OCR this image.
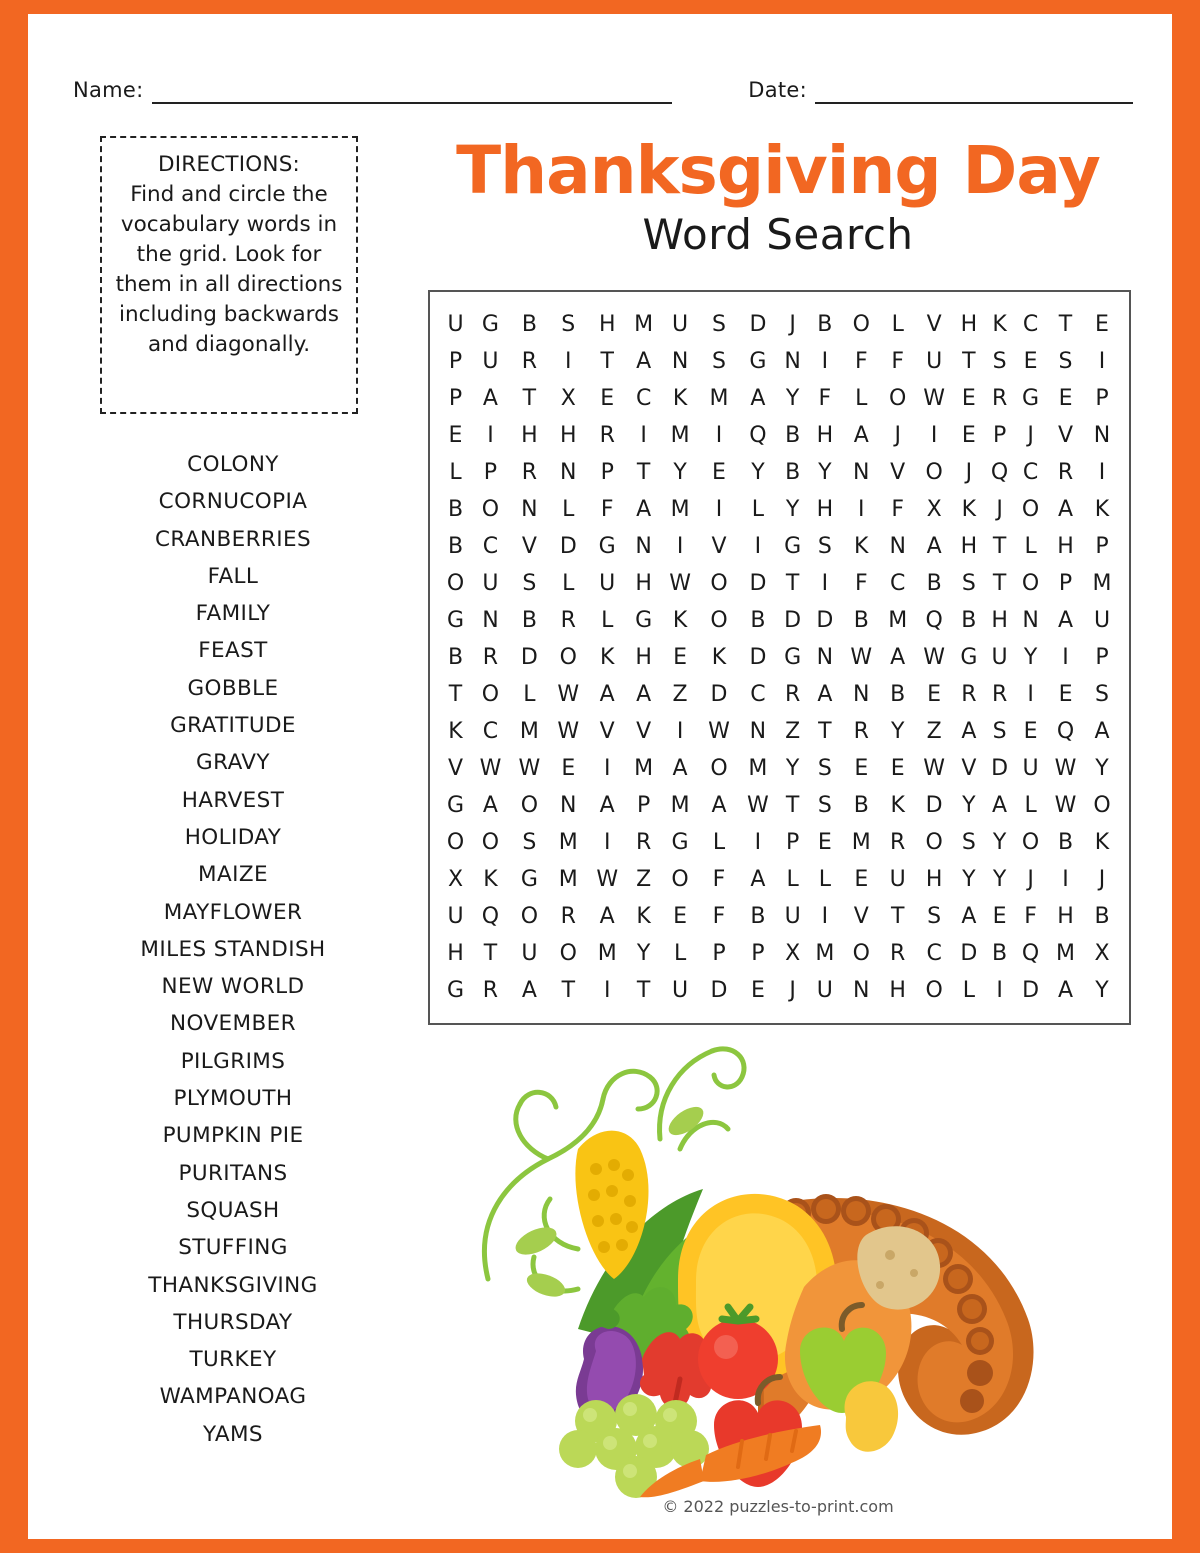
Name:	Date:

DIRECTIONS:

Find and circle the vocabulary words in the grid. Look for them in all directions including backwards and diagonally.

COLONY
CORNUCOPIA
CRANBERRIES
FALL
FAMILY
FEAST
GOBBLE
GRATITUDE
GRAVY
HARVEST
HOLIDAY
MAIZE
MAYFLOWER
MILES STANDISH
NEW WORLD
NOVEMBER
PILGRIMS
PLYMOUTH
PUMPKIN PIE
PURITANS
SQUASH
STUFFING
THANKSGIVING
THURSDAY
TURKEY
WAMPANOAG
YAMS
Thanksgiving Day
Word Search
U	G	B	S	H	M	U	S	D	J	B	O	L	V	H	K	C	T	E
P	U	R	I	T	A	N	S	G	N	I	F	F	U	T	S	E	S	I
P	A	T	X	E	C	K	M	A	Y	F	L	O	W	E	R	G	E	P
E	I	H	H	R	I	M	I	Q	B	H	A	J	I	E	P	J	V	N
L	P	R	N	P	T	Y	E	Y	B	Y	N	V	O	J	Q	C	R	I
B	O	N	L	F	A	M	I	L	Y	H	I	F	X	K	J	O	A	K
B	C	V	D	G	N	I	V	I	G	S	K	N	A	H	T	L	H	P
O	U	S	L	U	H	W	O	D	T	I	F	C	B	S	T	O	P	M
G	N	B	R	L	G	K	O	B	D	D	B	M	Q	B	H	N	A	U
B	R	D	O	K	H	E	K	D	G	N	W	A	W	G	U	Y	I	P
T	O	L	W	A	A	Z	D	C	R	A	N	B	E	R	R	I	E	S
K	C	M	W	V	V	I	W	N	Z	T	R	Y	Z	A	S	E	Q	A
V	W	W	E	I	M	A	O	M	Y	S	E	E	W	V	D	U	W	Y
G	A	O	N	A	P	M	A	W	T	S	B	K	D	Y	A	L	W	O
O	O	S	M	I	R	G	L	I	P	E	M	R	O	S	Y	O	B	K
X	K	G	M	W	Z	O	F	A	L	L	E	U	H	Y	Y	J	I	J
U	Q	O	R	A	K	E	F	B	U	I	V	T	S	A	E	F	H	B
H	T	U	O	M	Y	L	P	P	X	M	O	R	C	D	B	Q	M	X
G	R	A	T	I	T	U	D	E	J	U	N	H	O	L	I	D	A	Y
© 2022 puzzles-to-print.com
